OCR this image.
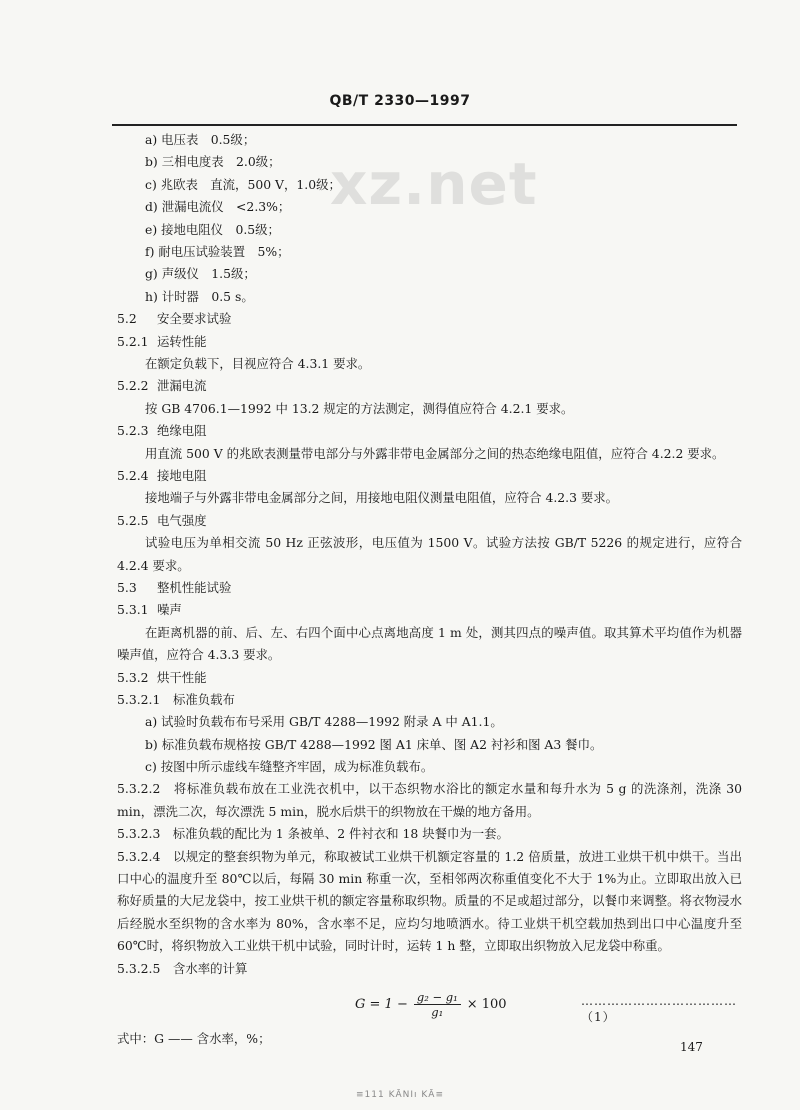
xz.net
QB/T 2330—1997
a) 电压表　0.5级；
b) 三相电度表　2.0级；
c) 兆欧表　直流，500 V，1.0级；
d) 泄漏电流仪　<2.3%；
e) 接地电阻仪　0.5级；
f) 耐电压试验装置　5%；
g) 声级仪　1.5级；
h) 计时器　0.5 s。
5.2 安全要求试验
5.2.1 运转性能

在额定负载下，目视应符合 4.3.1 要求。

5.2.2 泄漏电流

按 GB 4706.1—1992 中 13.2 规定的方法测定，测得值应符合 4.2.1 要求。

5.2.3 绝缘电阻

用直流 500 V 的兆欧表测量带电部分与外露非带电金属部分之间的热态绝缘电阻值，应符合 4.2.2 要求。

5.2.4 接地电阻

接地端子与外露非带电金属部分之间，用接地电阻仪测量电阻值，应符合 4.2.3 要求。

5.2.5 电气强度

试验电压为单相交流 50 Hz 正弦波形，电压值为 1500 V。试验方法按 GB/T 5226 的规定进行，应符合 4.2.4 要求。

5.3 整机性能试验
5.3.1 噪声

在距离机器的前、后、左、右四个面中心点离地高度 1 m 处，测其四点的噪声值。取其算术平均值作为机器噪声值，应符合 4.3.3 要求。

5.3.2 烘干性能
5.3.2.1 标准负载布
a) 试验时负载布布号采用 GB/T 4288—1992 附录 A 中 A1.1。
b) 标准负载布规格按 GB/T 4288—1992 图 A1 床单、图 A2 衬衫和图 A3 餐巾。
c) 按图中所示虚线车缝整齐牢固，成为标准负载布。

5.3.2.2　将标准负载布放在工业洗衣机中，以干态织物水浴比的额定水量和每升水为 5 g 的洗涤剂，洗涤 30 min，漂洗二次，每次漂洗 5 min，脱水后烘干的织物放在干燥的地方备用。

5.3.2.3　标准负载的配比为 1 条被单、2 件衬衣和 18 块餐巾为一套。

5.3.2.4　以规定的整套织物为单元，称取被试工业烘干机额定容量的 1.2 倍质量，放进工业烘干机中烘干。当出口中心的温度升至 80℃以后，每隔 30 min 称重一次，至相邻两次称重值变化不大于 1%为止。立即取出放入已称好质量的大尼龙袋中，按工业烘干机的额定容量称取织物。质量的不足或超过部分，以餐巾来调整。将衣物浸水后经脱水至织物的含水率为 80%，含水率不足，应均匀地喷洒水。待工业烘干机空载加热到出口中心温度升至 60℃时，将织物放入工业烘干机中试验，同时计时，运转 1 h 整，立即取出织物放入尼龙袋中称重。

5.3.2.5 含水率的计算
$G = 1 - \frac{\text{g₂ − g₁}}{\text{g₁}} \times 100$	………………………………（1）
式中：G —— 含水率，%；
147
≡111 KĀNIı KĀ≡
